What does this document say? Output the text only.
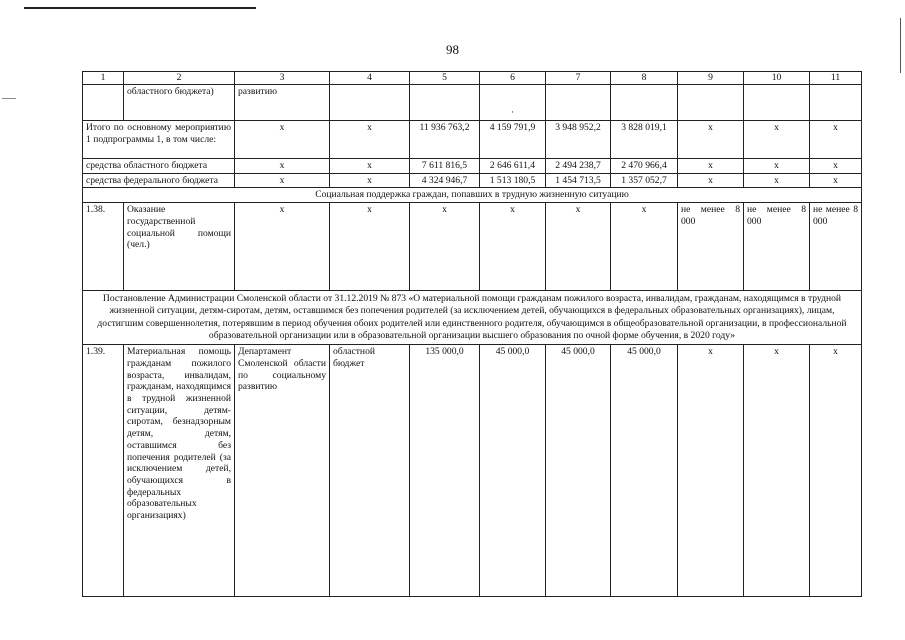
98
1	2	3	4	5	6	7	8	9	10	11
	областного бюджета)	развитию			·					
Итого по основному мероприятию 1 подпрограммы 1, в том числе:		x	x	11 936 763,2	4 159 791,9	3 948 952,2	3 828 019,1	x	x	x
средства областного бюджета		x	x	7 611 816,5	2 646 611,4	2 494 238,7	2 470 966,4	x	x	x
средства федерального бюджета		x	x	4 324 946,7	1 513 180,5	1 454 713,5	1 357 052,7	x	x	x
Социальная поддержка граждан, попавших в трудную жизненную ситуацию										
1.38.	Оказание государственной социальной помощи (чел.)	x	x	x	x	x	x	не менее 8 000	не менее 8 000	не менее 8 000
Постановление Администрации Смоленской области от 31.12.2019 № 873 «О материальной помощи гражданам пожилого возраста, инвалидам, гражданам, находящимся в трудной жизненной ситуации, детям-сиротам, детям, оставшимся без попечения родителей (за исключением детей, обучающихся в федеральных образовательных организациях), лицам, достигшим совершеннолетия, потерявшим в период обучения обоих родителей или единственного родителя, обучающимся в общеобразовательной организации, в профессиональной образовательной организации или в образовательной организации высшего образования по очной форме обучения, в 2020 году»										
1.39.	Материальная помощь гражданам пожилого возраста, инвалидам, гражданам, находящимся в трудной жизненной ситуации, детям-сиротам, безнадзорным детям, детям, оставшимся без попечения родителей (за исключением детей, обучающихся в федеральных образовательных организациях)	Департамент Смоленской области по социальному развитию	областной бюджет	135 000,0	45 000,0	45 000,0	45 000,0	x	x	x
